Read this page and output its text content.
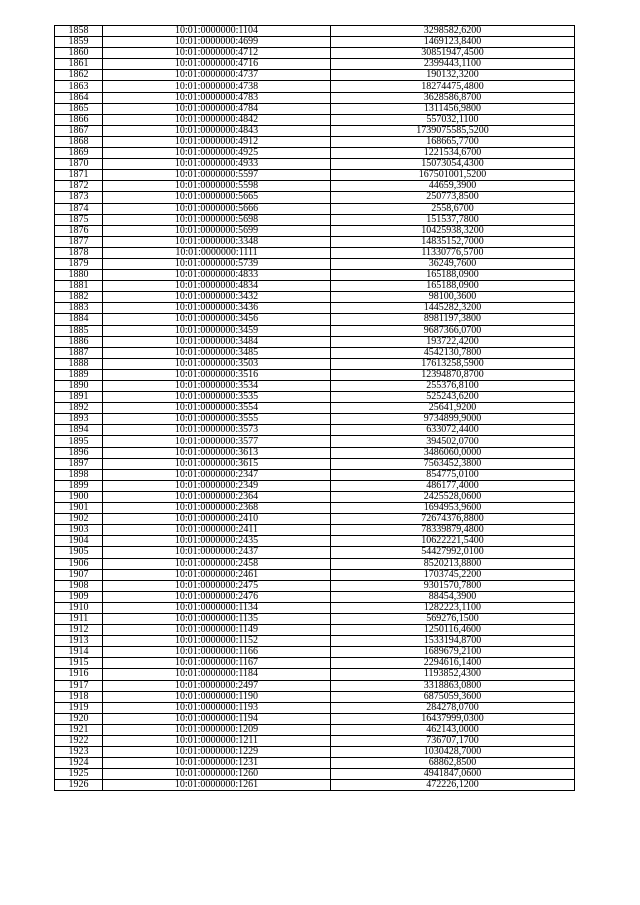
1858	10:01:0000000:1104	3298582,6200
1859	10:01:0000000:4699	1469123,8400
1860	10:01:0000000:4712	30851947,4500
1861	10:01:0000000:4716	2399443,1100
1862	10:01:0000000:4737	190132,3200
1863	10:01:0000000:4738	18274475,4800
1864	10:01:0000000:4783	3628586,8700
1865	10:01:0000000:4784	1311456,9800
1866	10:01:0000000:4842	557032,1100
1867	10:01:0000000:4843	1739075585,5200
1868	10:01:0000000:4912	168665,7700
1869	10:01:0000000:4925	1221534,6700
1870	10:01:0000000:4933	15073054,4300
1871	10:01:0000000:5597	167501001,5200
1872	10:01:0000000:5598	44659,3900
1873	10:01:0000000:5665	250773,8500
1874	10:01:0000000:5666	2558,6700
1875	10:01:0000000:5698	151537,7800
1876	10:01:0000000:5699	10425938,3200
1877	10:01:0000000:3348	14835152,7000
1878	10:01:0000000:1111	11330776,5700
1879	10:01:0000000:5739	36249,7600
1880	10:01:0000000:4833	165188,0900
1881	10:01:0000000:4834	165188,0900
1882	10:01:0000000:3432	98100,3600
1883	10:01:0000000:3436	1445282,3200
1884	10:01:0000000:3456	8981197,3800
1885	10:01:0000000:3459	9687366,0700
1886	10:01:0000000:3484	193722,4200
1887	10:01:0000000:3485	4542130,7800
1888	10:01:0000000:3503	17613258,5900
1889	10:01:0000000:3516	12394870,8700
1890	10:01:0000000:3534	255376,8100
1891	10:01:0000000:3535	525243,6200
1892	10:01:0000000:3554	25641,9200
1893	10:01:0000000:3555	9734899,9000
1894	10:01:0000000:3573	633072,4400
1895	10:01:0000000:3577	394502,0700
1896	10:01:0000000:3613	3486060,0000
1897	10:01:0000000:3615	7563452,3800
1898	10:01:0000000:2347	854775,0100
1899	10:01:0000000:2349	486177,4000
1900	10:01:0000000:2364	2425528,0600
1901	10:01:0000000:2368	1694953,9600
1902	10:01:0000000:2410	72674376,8800
1903	10:01:0000000:2411	78339879,4800
1904	10:01:0000000:2435	10622221,5400
1905	10:01:0000000:2437	54427992,0100
1906	10:01:0000000:2458	8520213,8800
1907	10:01:0000000:2461	1703745,2200
1908	10:01:0000000:2475	9301570,7800
1909	10:01:0000000:2476	88454,3900
1910	10:01:0000000:1134	1282223,1100
1911	10:01:0000000:1135	569276,1500
1912	10:01:0000000:1149	1250116,4600
1913	10:01:0000000:1152	1533194,8700
1914	10:01:0000000:1166	1689679,2100
1915	10:01:0000000:1167	2294616,1400
1916	10:01:0000000:1184	1193852,4300
1917	10:01:0000000:2497	3318863,0800
1918	10:01:0000000:1190	6875059,3600
1919	10:01:0000000:1193	284278,0700
1920	10:01:0000000:1194	16437999,0300
1921	10:01:0000000:1209	462143,0000
1922	10:01:0000000:1211	736707,1700
1923	10:01:0000000:1229	1030428,7000
1924	10:01:0000000:1231	68862,8500
1925	10:01:0000000:1260	4941847,0600
1926	10:01:0000000:1261	472226,1200
